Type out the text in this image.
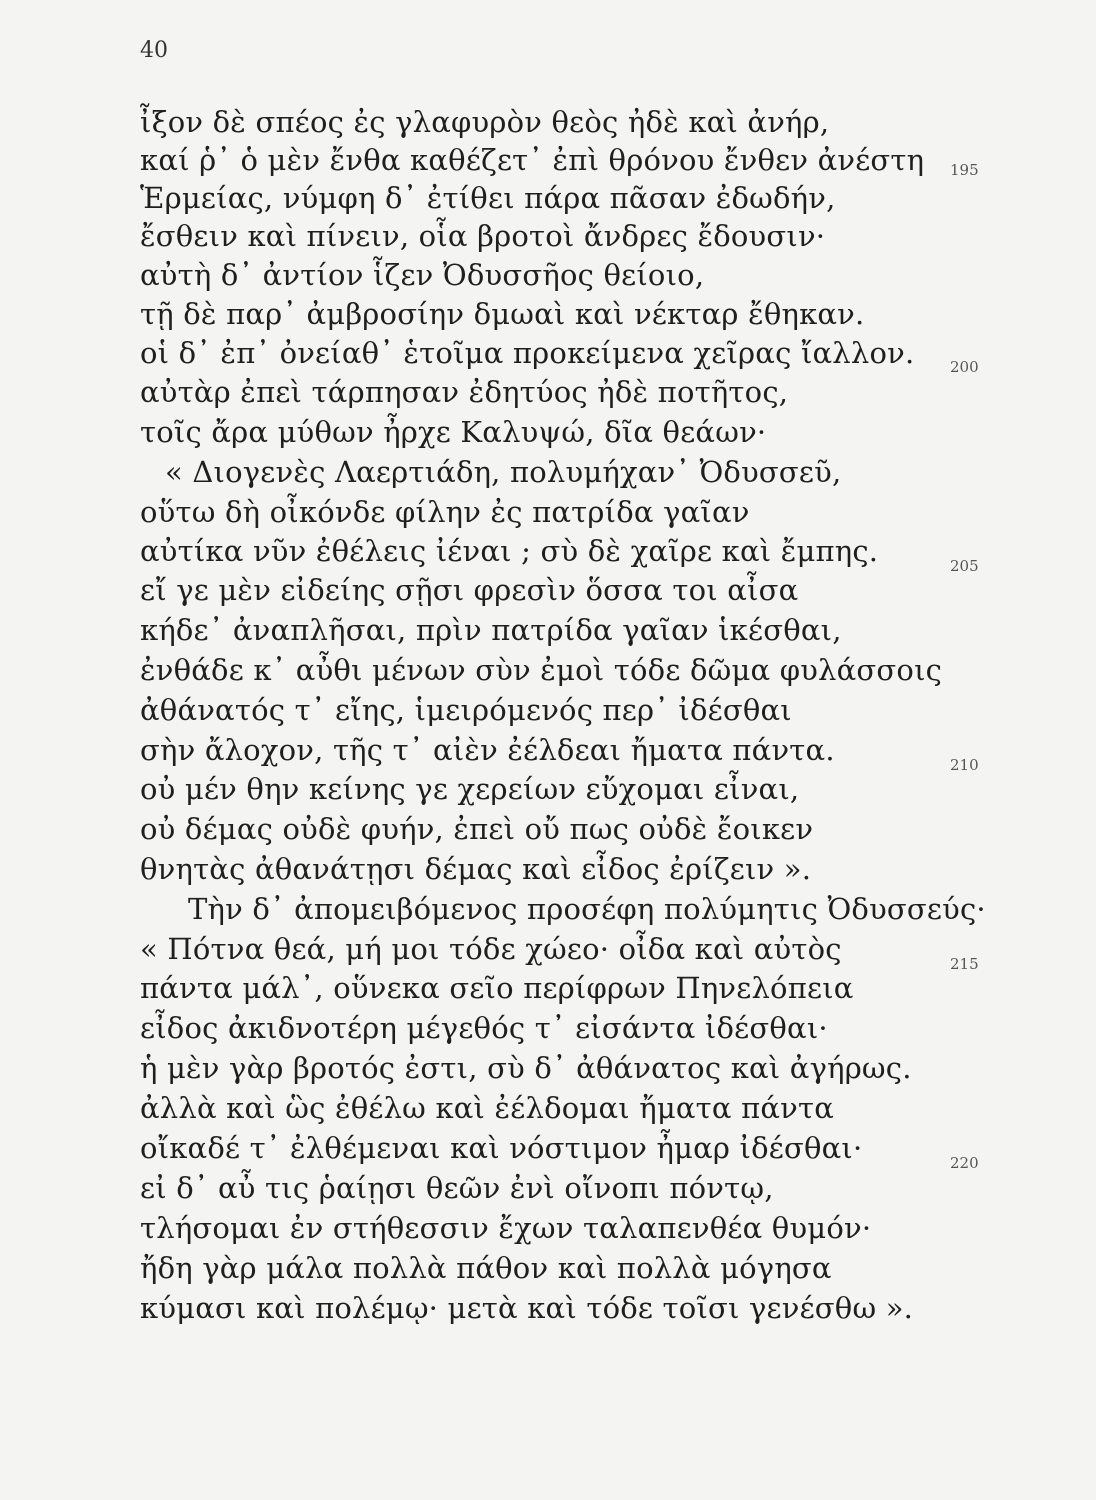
40
ἶξον δὲ σπέος ἐς γλαφυρὸν θεὸς ἠδὲ καὶ ἀνήρ,
καί ῥ᾽ ὁ μὲν ἔνθα καθέζετ᾽ ἐπὶ θρόνου ἔνθεν ἀνέστη
Ἑρμείας, νύμφη δ᾽ ἐτίθει πάρα πᾶσαν ἐδωδήν,
ἔσθειν καὶ πίνειν, οἷα βροτοὶ ἄνδρες ἔδουσιν·
αὐτὴ δ᾽ ἀντίον ἷζεν Ὀδυσσῆος θείοιο,
τῇ δὲ παρ᾽ ἀμβροσίην δμωαὶ καὶ νέκταρ ἔθηκαν.
οἱ δ᾽ ἐπ᾽ ὀνείαθ᾽ ἑτοῖμα προκείμενα χεῖρας ἴαλλον.
αὐτὰρ ἐπεὶ τάρπησαν ἐδητύος ἠδὲ ποτῆτος,
τοῖς ἄρα μύθων ἦρχε Καλυψώ, δῖα θεάων·
« Διογενὲς Λαερτιάδη, πολυμήχαν᾽ Ὀδυσσεῦ,
οὕτω δὴ οἶκόνδε φίλην ἐς πατρίδα γαῖαν
αὐτίκα νῦν ἐθέλεις ἰέναι ; σὺ δὲ χαῖρε καὶ ἔμπης.
εἴ γε μὲν εἰδείης σῇσι φρεσὶν ὅσσα τοι αἶσα
κήδε᾽ ἀναπλῆσαι, πρὶν πατρίδα γαῖαν ἱκέσθαι,
ἐνθάδε κ᾽ αὖθι μένων σὺν ἐμοὶ τόδε δῶμα φυλάσσοις
ἀθάνατός τ᾽ εἴης, ἱμειρόμενός περ᾽ ἰδέσθαι
σὴν ἄλοχον, τῆς τ᾽ αἰὲν ἐέλδεαι ἤματα πάντα.
οὐ μέν θην κείνης γε χερείων εὔχομαι εἶναι,
οὐ δέμας οὐδὲ φυήν, ἐπεὶ οὔ πως οὐδὲ ἔοικεν
θνητὰς ἀθανάτῃσι δέμας καὶ εἶδος ἐρίζειν ».
Τὴν δ᾽ ἀπομειβόμενος προσέφη πολύμητις Ὀδυσσεύς·
« Πότνα θεά, μή μοι τόδε χώεο· οἶδα καὶ αὐτὸς
πάντα μάλ᾽, οὕνεκα σεῖο περίφρων Πηνελόπεια
εἶδος ἀκιδνοτέρη μέγεθός τ᾽ εἰσάντα ἰδέσθαι·
ἡ μὲν γὰρ βροτός ἐστι, σὺ δ᾽ ἀθάνατος καὶ ἀγήρως.
ἀλλὰ καὶ ὣς ἐθέλω καὶ ἐέλδομαι ἤματα πάντα
οἴκαδέ τ᾽ ἐλθέμεναι καὶ νόστιμον ἦμαρ ἰδέσθαι·
εἰ δ᾽ αὖ τις ῥαίῃσι θεῶν ἐνὶ οἴνοπι πόντῳ,
τλήσομαι ἐν στήθεσσιν ἔχων ταλαπενθέα θυμόν·
ἤδη γὰρ μάλα πολλὰ πάθον καὶ πολλὰ μόγησα
κύμασι καὶ πολέμῳ· μετὰ καὶ τόδε τοῖσι γενέσθω ».
195
200
205
210
215
220
